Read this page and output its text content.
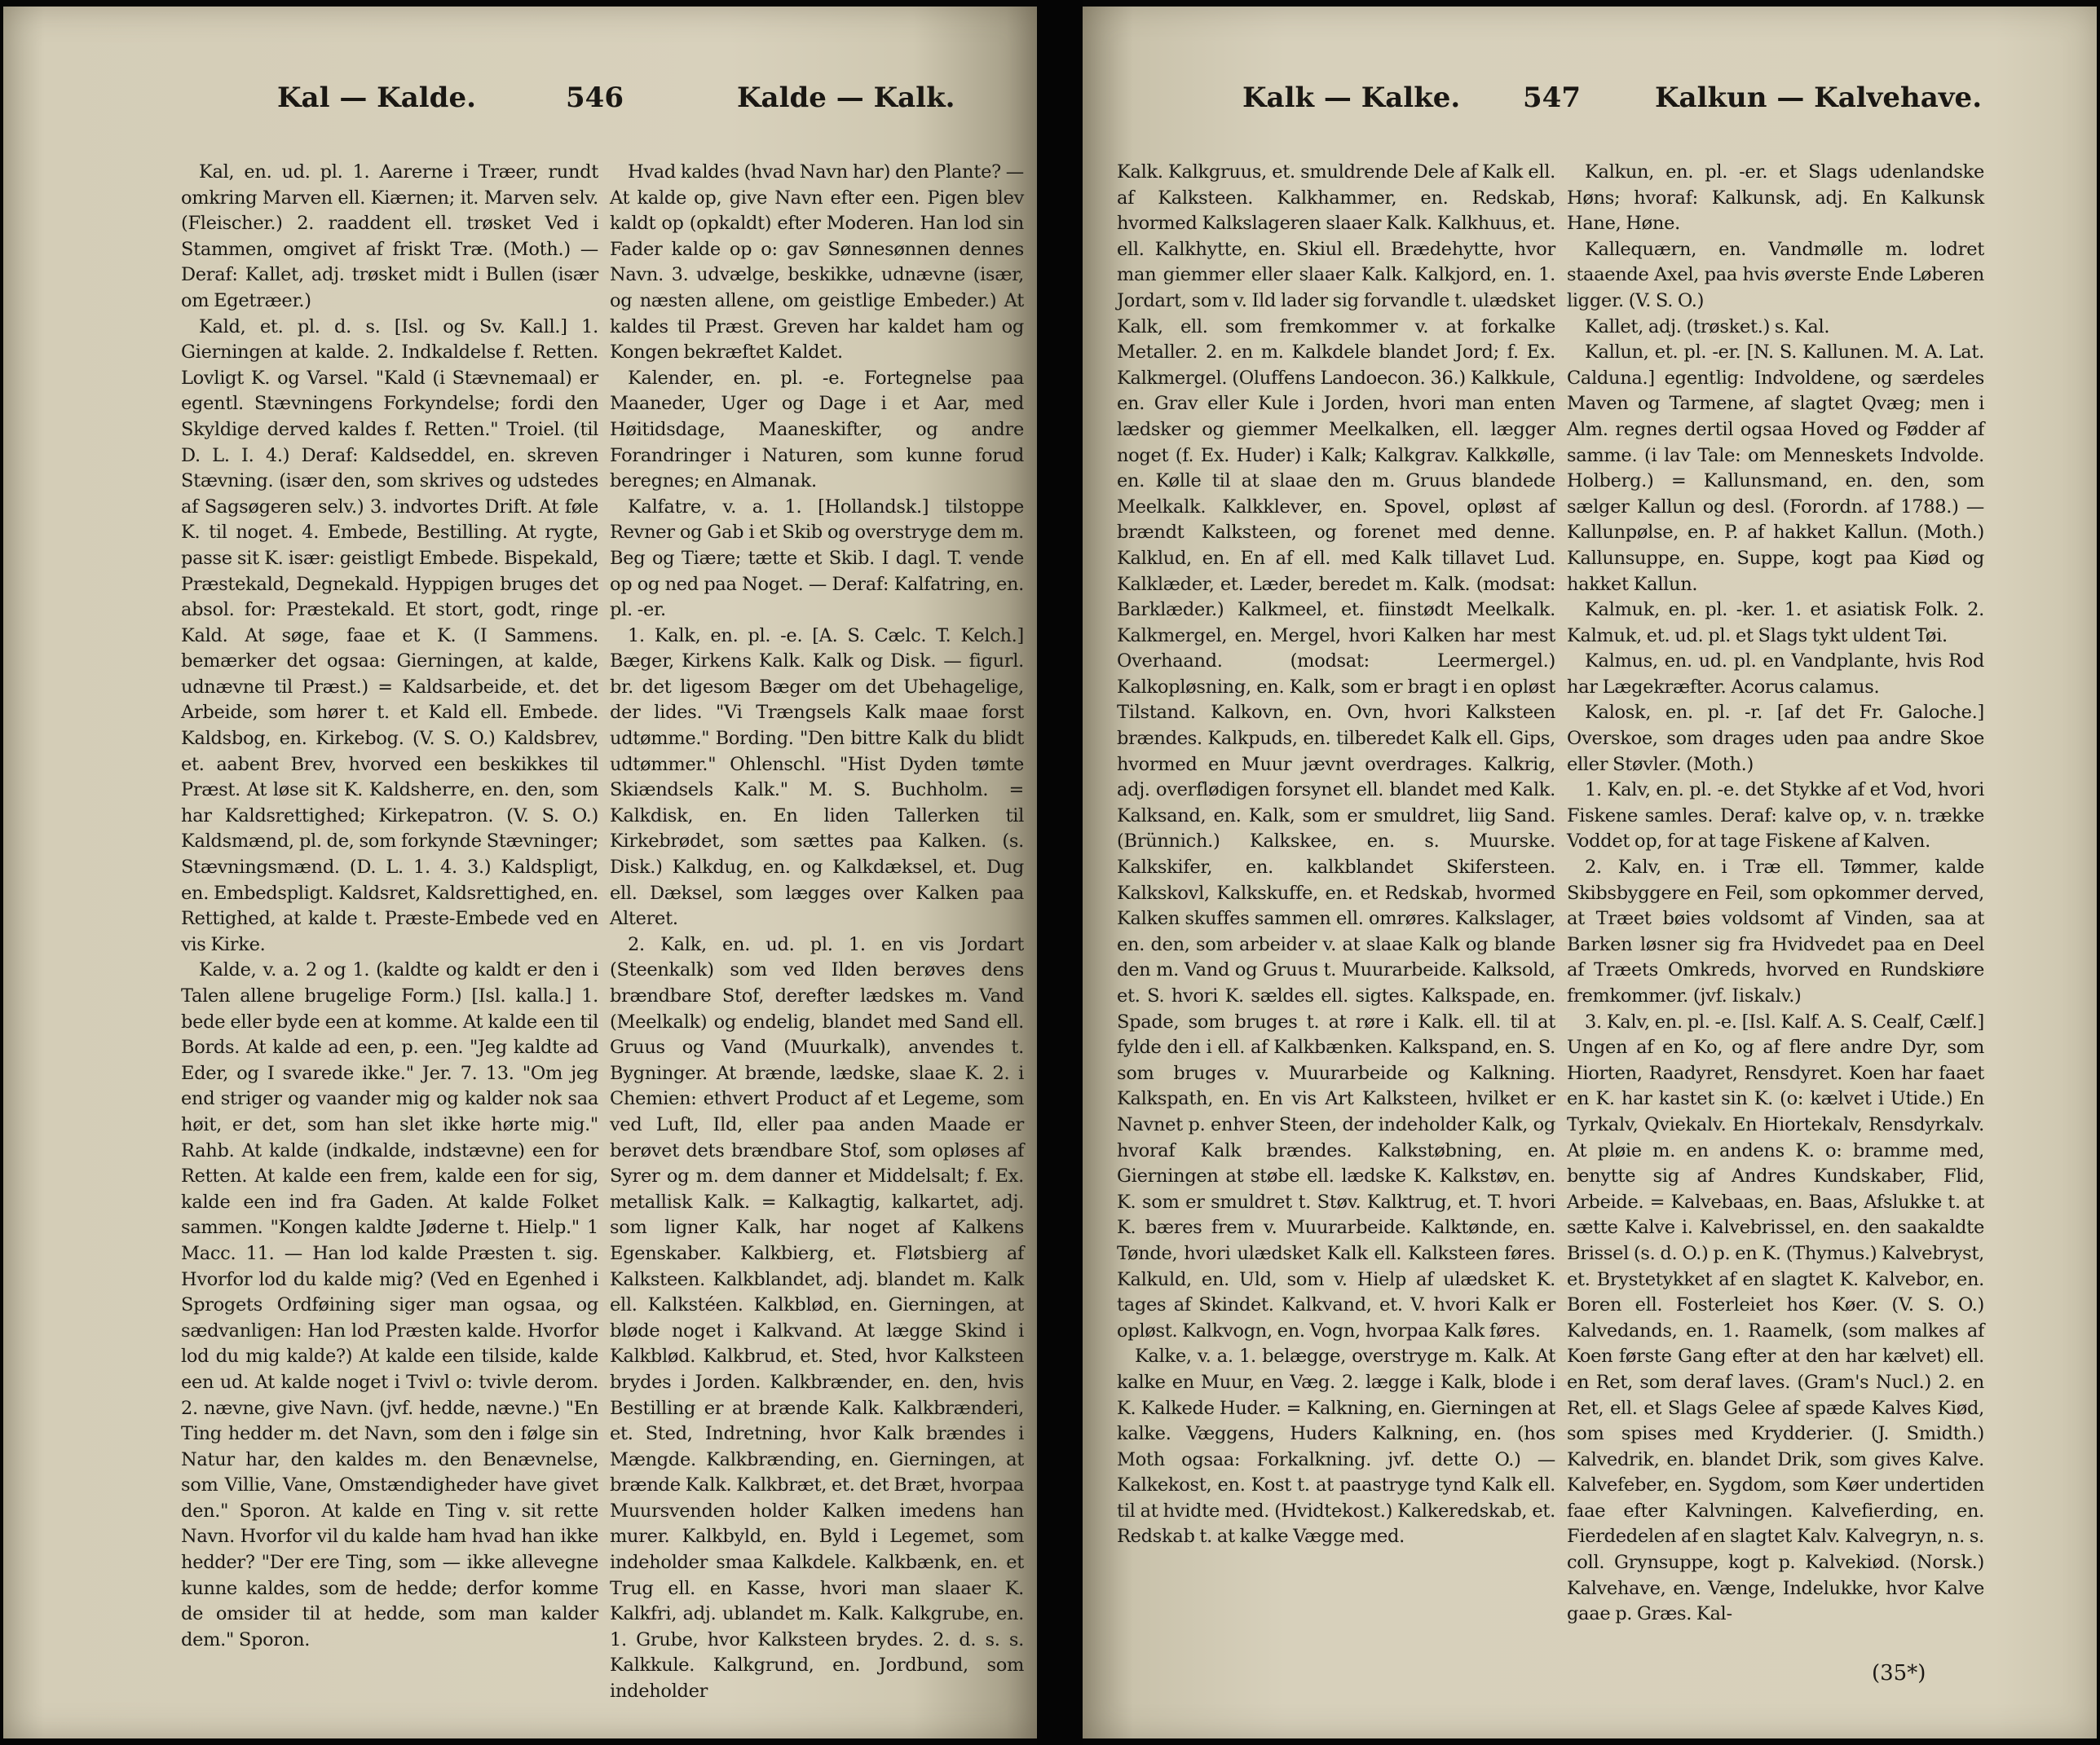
Kal — Kalde.	546	Kalde — Kalk.

Kal, en. ud. pl. 1. Aarerne i Træer, rundt omkring Marven ell. Kiærnen; it. Marven selv. (Fleischer.) 2. raaddent ell. trøsket Ved i Stammen, omgivet af friskt Træ. (Moth.) — Deraf: Kallet, adj. trøsket midt i Bullen (især om Egetræer.)

Kald, et. pl. d. s. [Isl. og Sv. Kall.] 1. Gierningen at kalde. 2. Indkaldelse f. Retten. Lovligt K. og Varsel. "Kald (i Stævnemaal) er egentl. Stævningens Forkyndelse; fordi den Skyldige derved kaldes f. Retten." Troiel. (til D. L. I. 4.) Deraf: Kaldseddel, en. skreven Stævning. (især den, som skrives og udstedes af Sagsøgeren selv.) 3. indvortes Drift. At føle K. til noget. 4. Embede, Bestilling. At rygte, passe sit K. især: geistligt Embede. Bispekald, Præstekald, Degnekald. Hyppigen bruges det absol. for: Præstekald. Et stort, godt, ringe Kald. At søge, faae et K. (I Sammens. bemærker det ogsaa: Gierningen, at kalde, udnævne til Præst.) = Kaldsarbeide, et. det Arbeide, som hører t. et Kald ell. Embede. Kaldsbog, en. Kirkebog. (V. S. O.) Kaldsbrev, et. aabent Brev, hvorved een beskikkes til Præst. At løse sit K. Kaldsherre, en. den, som har Kaldsrettighed; Kirkepatron. (V. S. O.) Kaldsmænd, pl. de, som forkynde Stævninger; Stævningsmænd. (D. L. 1. 4. 3.) Kaldspligt, en. Embedspligt. Kaldsret, Kaldsrettighed, en. Rettighed, at kalde t. Præste-Embede ved en vis Kirke.

Kalde, v. a. 2 og 1. (kaldte og kaldt er den i Talen allene brugelige Form.) [Isl. kalla.] 1. bede eller byde een at komme. At kalde een til Bords. At kalde ad een, p. een. "Jeg kaldte ad Eder, og I svarede ikke." Jer. 7. 13. "Om jeg end striger og vaander mig og kalder nok saa høit, er det, som han slet ikke hørte mig." Rahb. At kalde (indkalde, indstævne) een for Retten. At kalde een frem, kalde een for sig, kalde een ind fra Gaden. At kalde Folket sammen. "Kongen kaldte Jøderne t. Hielp." 1 Macc. 11. — Han lod kalde Præsten t. sig. Hvorfor lod du kalde mig? (Ved en Egenhed i Sprogets Ordføining siger man ogsaa, og sædvanligen: Han lod Præsten kalde. Hvorfor lod du mig kalde?) At kalde een tilside, kalde een ud. At kalde noget i Tvivl o: tvivle derom. 2. nævne, give Navn. (jvf. hedde, nævne.) "En Ting hedder m. det Navn, som den i følge sin Natur har, den kaldes m. den Benævnelse, som Villie, Vane, Omstændigheder have givet den." Sporon. At kalde en Ting v. sit rette Navn. Hvorfor vil du kalde ham hvad han ikke hedder? "Der ere Ting, som — ikke allevegne kunne kaldes, som de hedde; derfor komme de omsider til at hedde, som man kalder dem." Sporon.

Hvad kaldes (hvad Navn har) den Plante? — At kalde op, give Navn efter een. Pigen blev kaldt op (opkaldt) efter Moderen. Han lod sin Fader kalde op o: gav Sønnesønnen dennes Navn. 3. udvælge, beskikke, udnævne (især, og næsten allene, om geistlige Embeder.) At kaldes til Præst. Greven har kaldet ham og Kongen bekræftet Kaldet.

Kalender, en. pl. -e. Fortegnelse paa Maaneder, Uger og Dage i et Aar, med Høitidsdage, Maaneskifter, og andre Forandringer i Naturen, som kunne forud beregnes; en Almanak.

Kalfatre, v. a. 1. [Hollandsk.] tilstoppe Revner og Gab i et Skib og overstryge dem m. Beg og Tiære; tætte et Skib. I dagl. T. vende op og ned paa Noget. — Deraf: Kalfatring, en. pl. -er.

1. Kalk, en. pl. -e. [A. S. Cælc. T. Kelch.] Bæger, Kirkens Kalk. Kalk og Disk. — figurl. br. det ligesom Bæger om det Ubehagelige, der lides. "Vi Trængsels Kalk maae forst udtømme." Bording. "Den bittre Kalk du blidt udtømmer." Ohlenschl. "Hist Dyden tømte Skiændsels Kalk." M. S. Buchholm. = Kalkdisk, en. En liden Tallerken til Kirkebrødet, som sættes paa Kalken. (s. Disk.) Kalkdug, en. og Kalkdæksel, et. Dug ell. Dæksel, som lægges over Kalken paa Alteret.

2. Kalk, en. ud. pl. 1. en vis Jordart (Steenkalk) som ved Ilden berøves dens brændbare Stof, derefter lædskes m. Vand (Meelkalk) og endelig, blandet med Sand ell. Gruus og Vand (Muurkalk), anvendes t. Bygninger. At brænde, lædske, slaae K. 2. i Chemien: ethvert Product af et Legeme, som ved Luft, Ild, eller paa anden Maade er berøvet dets brændbare Stof, som opløses af Syrer og m. dem danner et Middelsalt; f. Ex. metallisk Kalk. = Kalkagtig, kalkartet, adj. som ligner Kalk, har noget af Kalkens Egenskaber. Kalkbierg, et. Fløtsbierg af Kalksteen. Kalkblandet, adj. blandet m. Kalk ell. Kalkstéen. Kalkblød, en. Gierningen, at bløde noget i Kalkvand. At lægge Skind i Kalkblød. Kalkbrud, et. Sted, hvor Kalksteen brydes i Jorden. Kalkbrænder, en. den, hvis Bestilling er at brænde Kalk. Kalkbrænderi, et. Sted, Indretning, hvor Kalk brændes i Mængde. Kalkbrænding, en. Gierningen, at brænde Kalk. Kalkbræt, et. det Bræt, hvorpaa Muursvenden holder Kalken imedens han murer. Kalkbyld, en. Byld i Legemet, som indeholder smaa Kalkdele. Kalkbænk, en. et Trug ell. en Kasse, hvori man slaaer K. Kalkfri, adj. ublandet m. Kalk. Kalkgrube, en. 1. Grube, hvor Kalksteen brydes. 2. d. s. s. Kalkkule. Kalkgrund, en. Jordbund, som indeholder

Kalk — Kalke. 547	Kalkun — Kalvehave.

Kalk. Kalkgruus, et. smuldrende Dele af Kalk ell. af Kalksteen. Kalkhammer, en. Redskab, hvormed Kalkslageren slaaer Kalk. Kalkhuus, et. ell. Kalkhytte, en. Skiul ell. Brædehytte, hvor man giemmer eller slaaer Kalk. Kalkjord, en. 1. Jordart, som v. Ild lader sig forvandle t. ulædsket Kalk, ell. som fremkommer v. at forkalke Metaller. 2. en m. Kalkdele blandet Jord; f. Ex. Kalkmergel. (Oluffens Landoecon. 36.) Kalkkule, en. Grav eller Kule i Jorden, hvori man enten lædsker og giemmer Meelkalken, ell. lægger noget (f. Ex. Huder) i Kalk; Kalkgrav. Kalkkølle, en. Kølle til at slaae den m. Gruus blandede Meelkalk. Kalkklever, en. Spovel, opløst af brændt Kalksteen, og forenet med denne. Kalklud, en. En af ell. med Kalk tillavet Lud. Kalklæder, et. Læder, beredet m. Kalk. (modsat: Barklæder.) Kalkmeel, et. fiinstødt Meelkalk. Kalkmergel, en. Mergel, hvori Kalken har mest Overhaand. (modsat: Leermergel.) Kalkopløsning, en. Kalk, som er bragt i en opløst Tilstand. Kalkovn, en. Ovn, hvori Kalksteen brændes. Kalkpuds, en. tilberedet Kalk ell. Gips, hvormed en Muur jævnt overdrages. Kalkrig, adj. overflødigen forsynet ell. blandet med Kalk. Kalksand, en. Kalk, som er smuldret, liig Sand. (Brünnich.) Kalkskee, en. s. Muurske. Kalkskifer, en. kalkblandet Skifersteen. Kalkskovl, Kalkskuffe, en. et Redskab, hvormed Kalken skuffes sammen ell. omrøres. Kalkslager, en. den, som arbeider v. at slaae Kalk og blande den m. Vand og Gruus t. Muurarbeide. Kalksold, et. S. hvori K. sældes ell. sigtes. Kalkspade, en. Spade, som bruges t. at røre i Kalk. ell. til at fylde den i ell. af Kalkbænken. Kalkspand, en. S. som bruges v. Muurarbeide og Kalkning. Kalkspath, en. En vis Art Kalksteen, hvilket er Navnet p. enhver Steen, der indeholder Kalk, og hvoraf Kalk brændes. Kalkstøbning, en. Gierningen at støbe ell. lædske K. Kalkstøv, en. K. som er smuldret t. Støv. Kalktrug, et. T. hvori K. bæres frem v. Muurarbeide. Kalktønde, en. Tønde, hvori ulædsket Kalk ell. Kalksteen føres. Kalkuld, en. Uld, som v. Hielp af ulædsket K. tages af Skindet. Kalkvand, et. V. hvori Kalk er opløst. Kalkvogn, en. Vogn, hvorpaa Kalk føres.

Kalke, v. a. 1. belægge, overstryge m. Kalk. At kalke en Muur, en Væg. 2. lægge i Kalk, blode i K. Kalkede Huder. = Kalkning, en. Gierningen at kalke. Væggens, Huders Kalkning, en. (hos Moth ogsaa: Forkalkning. jvf. dette O.) — Kalkekost, en. Kost t. at paastryge tynd Kalk ell. til at hvidte med. (Hvidtekost.) Kalkeredskab, et. Redskab t. at kalke Vægge med.

Kalkun, en. pl. -er. et Slags udenlandske Høns; hvoraf: Kalkunsk, adj. En Kalkunsk Hane, Høne.

Kallequærn, en. Vandmølle m. lodret staaende Axel, paa hvis øverste Ende Løberen ligger. (V. S. O.)

Kallet, adj. (trøsket.) s. Kal.

Kallun, et. pl. -er. [N. S. Kallunen. M. A. Lat. Calduna.] egentlig: Indvoldene, og særdeles Maven og Tarmene, af slagtet Qvæg; men i Alm. regnes dertil ogsaa Hoved og Fødder af samme. (i lav Tale: om Menneskets Indvolde. Holberg.) = Kallunsmand, en. den, som sælger Kallun og desl. (Forordn. af 1788.) — Kallunpølse, en. P. af hakket Kallun. (Moth.) Kallunsuppe, en. Suppe, kogt paa Kiød og hakket Kallun.

Kalmuk, en. pl. -ker. 1. et asiatisk Folk. 2. Kalmuk, et. ud. pl. et Slags tykt uldent Tøi.

Kalmus, en. ud. pl. en Vandplante, hvis Rod har Lægekræfter. Acorus calamus.

Kalosk, en. pl. -r. [af det Fr. Galoche.] Overskoe, som drages uden paa andre Skoe eller Støvler. (Moth.)

1. Kalv, en. pl. -e. det Stykke af et Vod, hvori Fiskene samles. Deraf: kalve op, v. n. trække Voddet op, for at tage Fiskene af Kalven.

2. Kalv, en. i Træ ell. Tømmer, kalde Skibsbyggere en Feil, som opkommer derved, at Træet bøies voldsomt af Vinden, saa at Barken løsner sig fra Hvidvedet paa en Deel af Træets Omkreds, hvorved en Rundskiøre fremkommer. (jvf. Iiskalv.)

3. Kalv, en. pl. -e. [Isl. Kalf. A. S. Cealf, Cælf.] Ungen af en Ko, og af flere andre Dyr, som Hiorten, Raadyret, Rensdyret. Koen har faaet en K. har kastet sin K. (o: kælvet i Utide.) En Tyrkalv, Qviekalv. En Hiortekalv, Rensdyrkalv. At pløie m. en andens K. o: bramme med, benytte sig af Andres Kundskaber, Flid, Arbeide. = Kalvebaas, en. Baas, Afslukke t. at sætte Kalve i. Kalvebrissel, en. den saakaldte Brissel (s. d. O.) p. en K. (Thymus.) Kalvebryst, et. Brystetykket af en slagtet K. Kalvebor, en. Boren ell. Fosterleiet hos Køer. (V. S. O.) Kalvedands, en. 1. Raamelk, (som malkes af Koen første Gang efter at den har kælvet) ell. en Ret, som deraf laves. (Gram's Nucl.) 2. en Ret, ell. et Slags Gelee af spæde Kalves Kiød, som spises med Krydderier. (J. Smidth.) Kalvedrik, en. blandet Drik, som gives Kalve. Kalvefeber, en. Sygdom, som Køer undertiden faae efter Kalvningen. Kalvefierding, en. Fierdedelen af en slagtet Kalv. Kalvegryn, n. s. coll. Grynsuppe, kogt p. Kalvekiød. (Norsk.) Kalvehave, en. Vænge, Indelukke, hvor Kalve gaae p. Græs. Kal-

(35*)
